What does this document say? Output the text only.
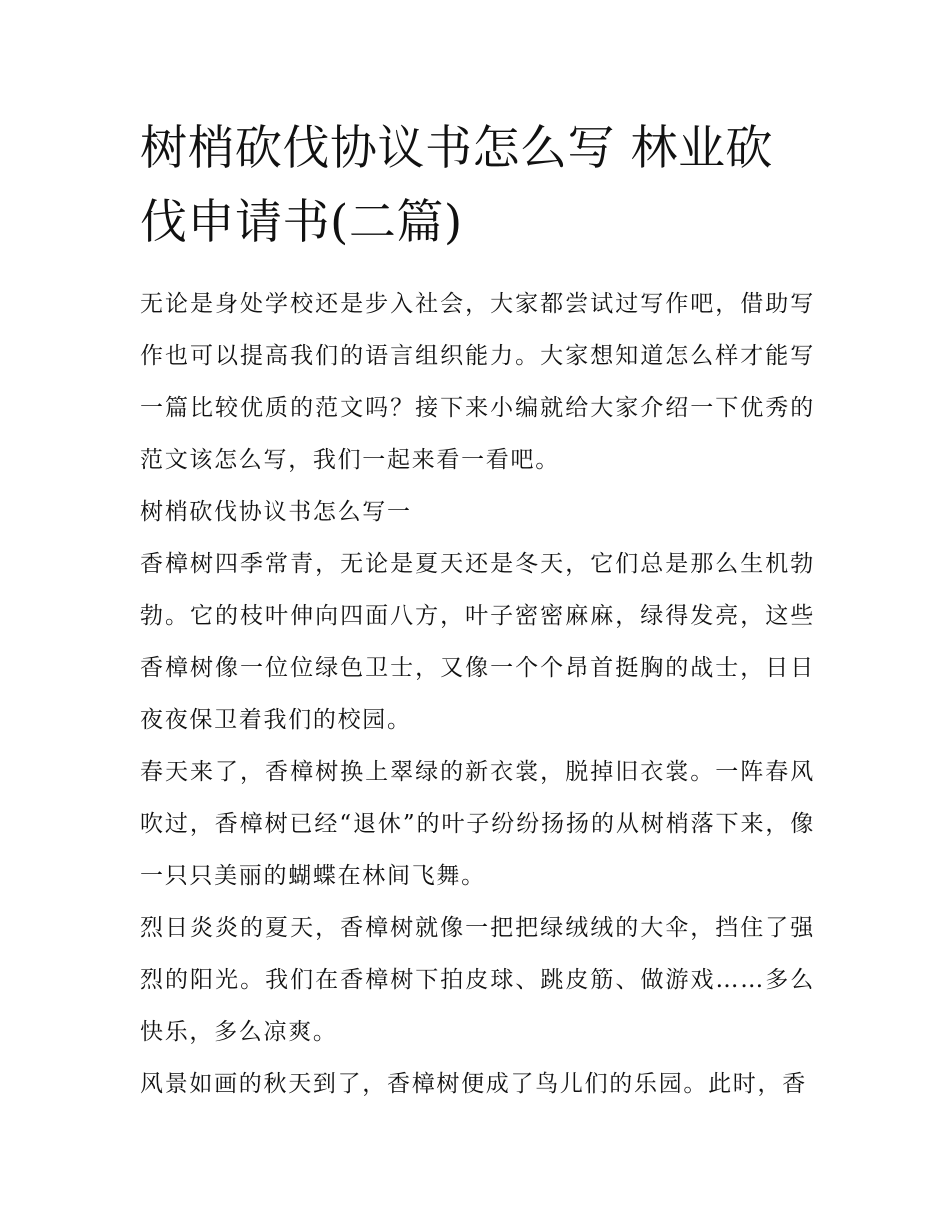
树梢砍伐协议书怎么写 林业砍伐申请书(二篇)

无论是身处学校还是步入社会，大家都尝试过写作吧，借助写作也可以提高我们的语言组织能力。大家想知道怎么样才能写一篇比较优质的范文吗？接下来小编就给大家介绍一下优秀的范文该怎么写，我们一起来看一看吧。

树梢砍伐协议书怎么写一

香樟树四季常青，无论是夏天还是冬天，它们总是那么生机勃勃。它的枝叶伸向四面八方，叶子密密麻麻，绿得发亮，这些香樟树像一位位绿色卫士，又像一个个昂首挺胸的战士，日日夜夜保卫着我们的校园。

春天来了，香樟树换上翠绿的新衣裳，脱掉旧衣裳。一阵春风吹过，香樟树已经“退休”的叶子纷纷扬扬的从树梢落下来，像一只只美丽的蝴蝶在林间飞舞。

烈日炎炎的夏天，香樟树就像一把把绿绒绒的大伞，挡住了强烈的阳光。我们在香樟树下拍皮球、跳皮筋、做游戏……多么快乐，多么凉爽。

风景如画的秋天到了，香樟树便成了鸟儿们的乐园。此时，香
